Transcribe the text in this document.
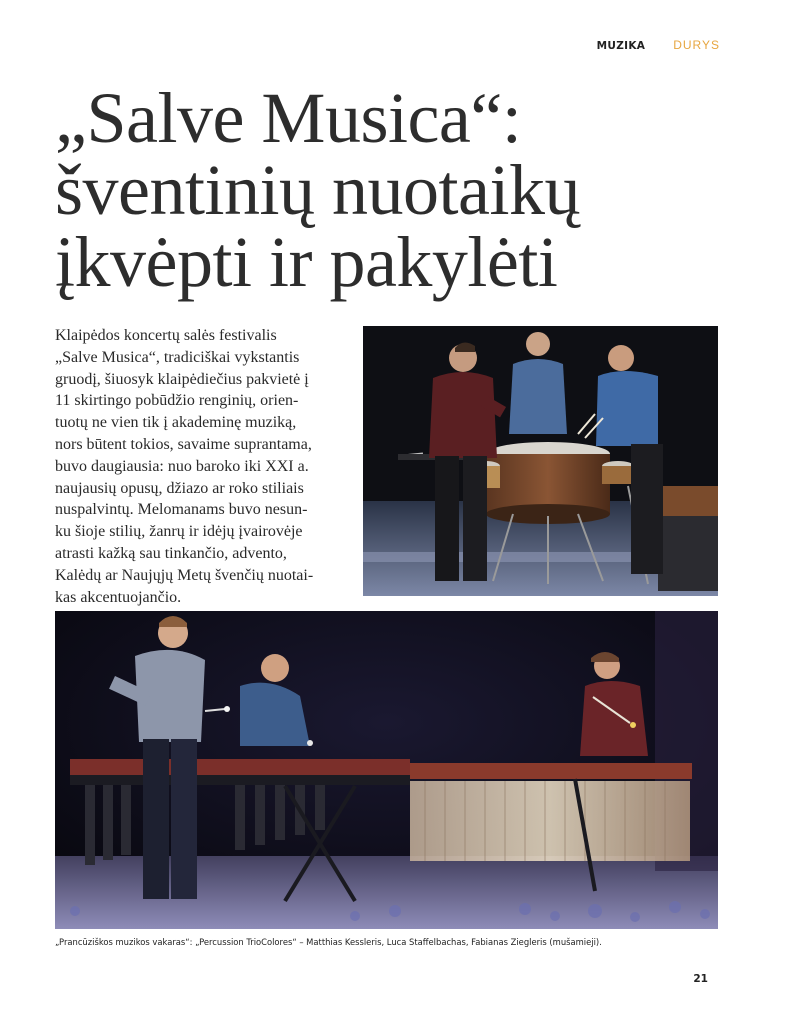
MUZIKA DURYS
„Salve Musica“:
šventinių nuotaikų
įkvėpti ir pakylėti
Klaipėdos koncertų salės festivalis
„Salve Musica“, tradiciškai vykstantis
gruodį, šiuosyk klaipėdiečius pakvietė į
11 skirtingo pobūdžio renginių, orien-
tuotų ne vien tik į akademinę muziką,
nors būtent tokios, savaime suprantama,
buvo daugiausia: nuo baroko iki XXI a.
naujausių opusų, džiazo ar roko stiliais
nuspalvintų. Melomanams buvo nesun-
ku šioje stilių, žanrų ir idėjų įvairovėje
atrasti kažką sau tinkančio, advento,
Kalėdų ar Naujųjų Metų švenčių nuotai-
kas akcentuojančio.

„Prancūziškos muzikos vakaras“: „Percussion TrioColores“ – Matthias Kessleris, Luca Staffelbachas, Fabianas Ziegleris (mušamieji).

21
